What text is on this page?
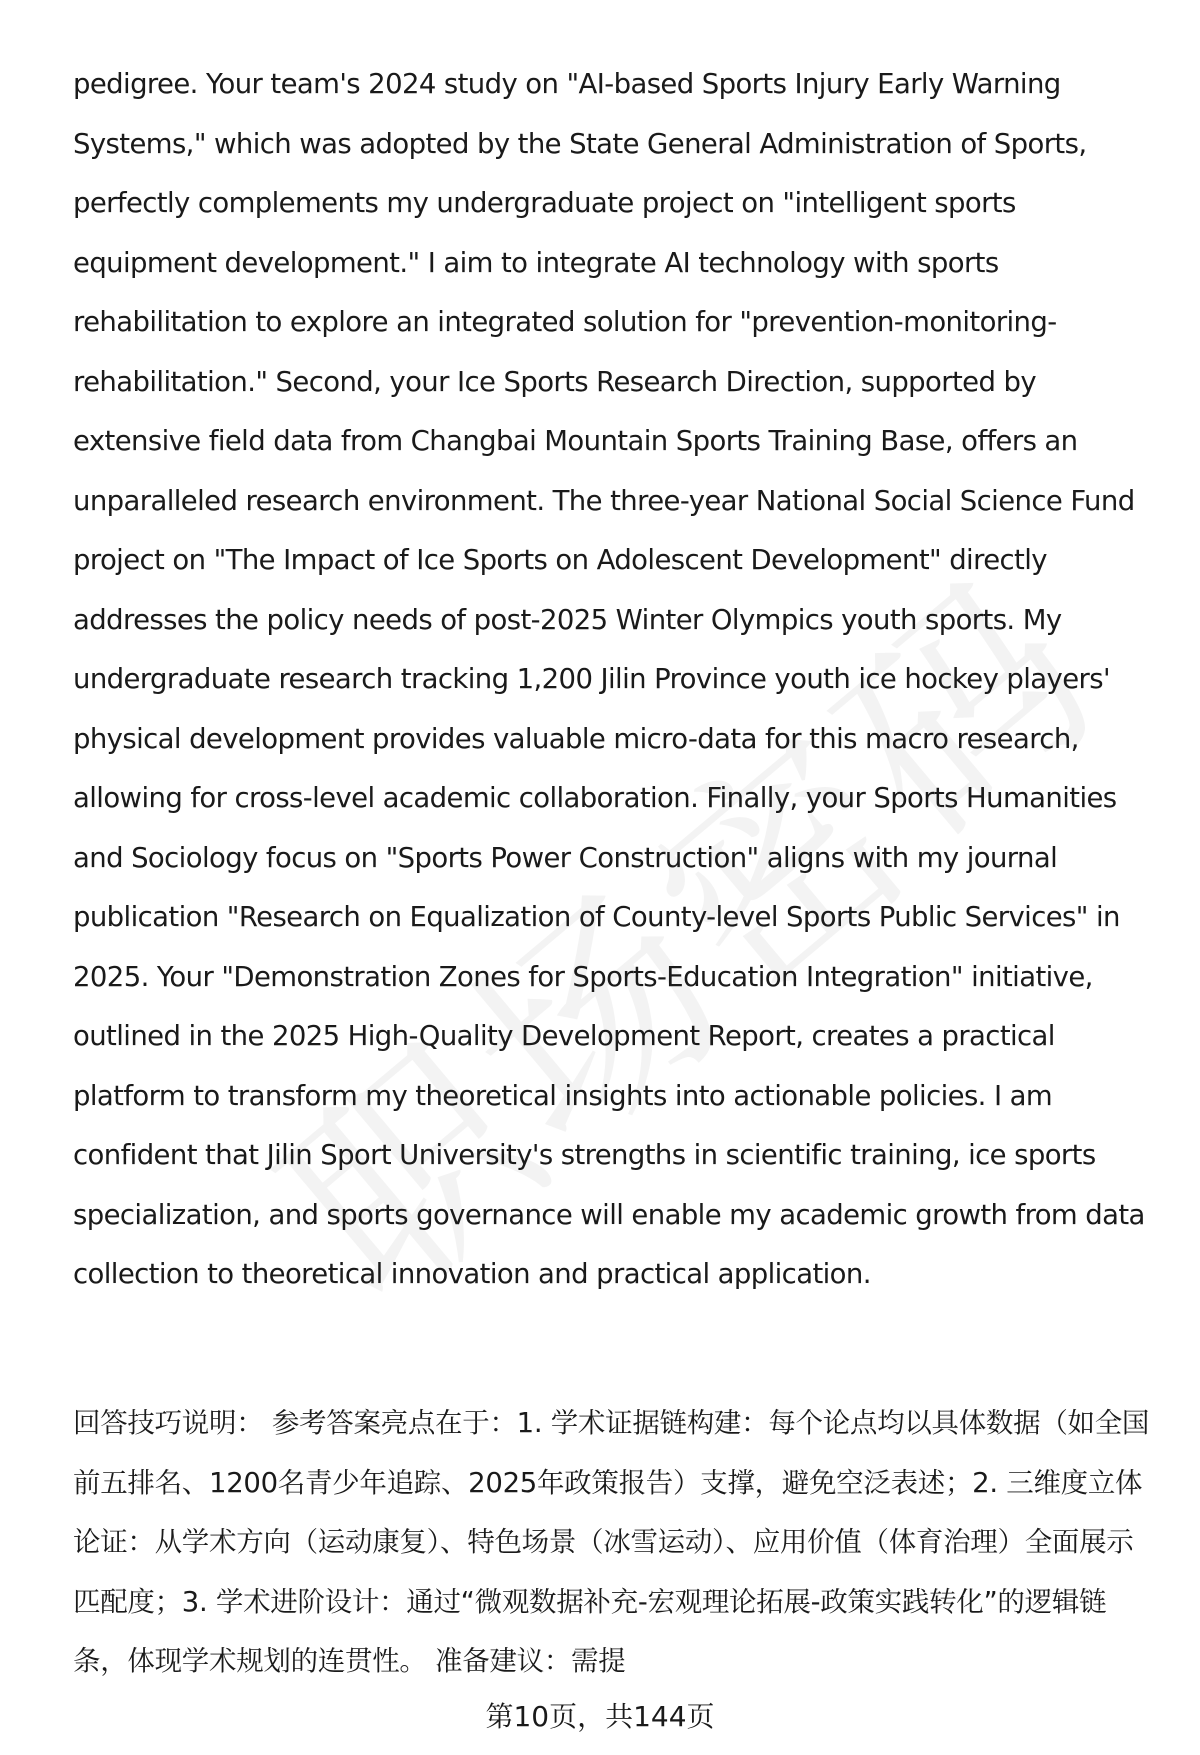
pedigree. Your team's 2024 study on "AI-based Sports Injury Early Warning Systems," which was adopted by the State General Administration of Sports, perfectly complements my undergraduate project on "intelligent sports equipment development." I aim to integrate AI technology with sports rehabilitation to explore an integrated solution for "prevention-monitoring-rehabilitation." Second, your Ice Sports Research Direction, supported by extensive field data from Changbai Mountain Sports Training Base, offers an unparalleled research environment. The three-year National Social Science Fund project on "The Impact of Ice Sports on Adolescent Development" directly addresses the policy needs of post-2025 Winter Olympics youth sports. My undergraduate research tracking 1,200 Jilin Province youth ice hockey players' physical development provides valuable micro-data for this macro research, allowing for cross-level academic collaboration. Finally, your Sports Humanities and Sociology focus on "Sports Power Construction" aligns with my journal publication "Research on Equalization of County-level Sports Public Services" in 2025. Your "Demonstration Zones for Sports-Education Integration" initiative, outlined in the 2025 High-Quality Development Report, creates a practical platform to transform my theoretical insights into actionable policies. I am confident that Jilin Sport University's strengths in scientific training, ice sports specialization, and sports governance will enable my academic growth from data collection to theoretical innovation and practical application.

回答技巧说明： 参考答案亮点在于：1. 学术证据链构建：每个论点均以具体数据（如全国前五排名、1200名青少年追踪、2025年政策报告）支撑，避免空泛表述；2. 三维度立体论证：从学术方向（运动康复）、特色场景（冰雪运动）、应用价值（体育治理）全面展示匹配度；3. 学术进阶设计：通过“微观数据补充-宏观理论拓展-政策实践转化”的逻辑链条，体现学术规划的连贯性。 准备建议：需提

第10页，共144页
